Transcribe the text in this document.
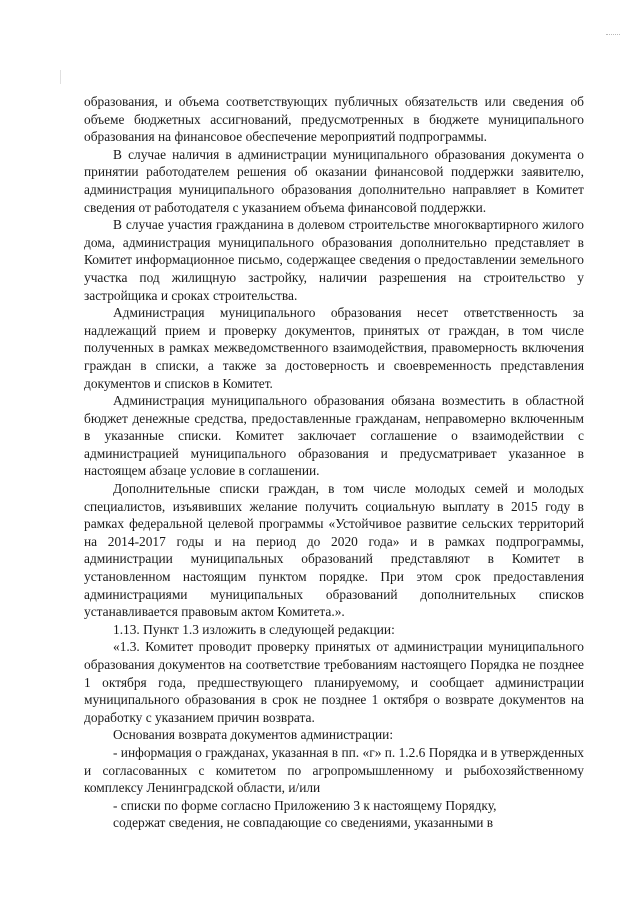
образования, и объема соответствующих публичных обязательств или сведения об объеме бюджетных ассигнований, предусмотренных в бюджете муниципального образования на финансовое обеспечение мероприятий подпрограммы.

В случае наличия в администрации муниципального образования документа о принятии работодателем решения об оказании финансовой поддержки заявителю, администрация муниципального образования дополнительно направляет в Комитет сведения от работодателя с указанием объема финансовой поддержки.

В случае участия гражданина в долевом строительстве многоквартирного жилого дома, администрация муниципального образования дополнительно представляет в Комитет информационное письмо, содержащее сведения о предоставлении земельного участка под жилищную застройку, наличии разрешения на строительство у застройщика и сроках строительства.

Администрация муниципального образования несет ответственность за надлежащий прием и проверку документов, принятых от граждан, в том числе полученных в рамках межведомственного взаимодействия, правомерность включения граждан в списки, а также за достоверность и своевременность представления документов и списков в Комитет.

Администрация муниципального образования обязана возместить в областной бюджет денежные средства, предоставленные гражданам, неправомерно включенным в указанные списки. Комитет заключает соглашение о взаимодействии с администрацией муниципального образования и предусматривает указанное в настоящем абзаце условие в соглашении.

Дополнительные списки граждан, в том числе молодых семей и молодых специалистов, изъявивших желание получить социальную выплату в 2015 году в рамках федеральной целевой программы «Устойчивое развитие сельских территорий на 2014-2017 годы и на период до 2020 года» и в рамках подпрограммы, администрации муниципальных образований представляют в Комитет в установленном настоящим пунктом порядке. При этом срок предоставления администрациями муниципальных образований дополнительных списков устанавливается правовым актом Комитета.».

1.13. Пункт 1.3 изложить в следующей редакции:

«1.3. Комитет проводит проверку принятых от администрации муниципального образования документов на соответствие требованиям настоящего Порядка не позднее 1 октября года, предшествующего планируемому, и сообщает администрации муниципального образования в срок не позднее 1 октября о возврате документов на доработку с указанием причин возврата.

Основания возврата документов администрации:

- информация о гражданах, указанная в пп. «г» п. 1.2.6 Порядка и в утвержденных и согласованных с комитетом по агропромышленному и рыбохозяйственному комплексу Ленинградской области, и/или

- списки по форме согласно Приложению 3 к настоящему Порядку,

содержат сведения, не совпадающие со сведениями, указанными в
